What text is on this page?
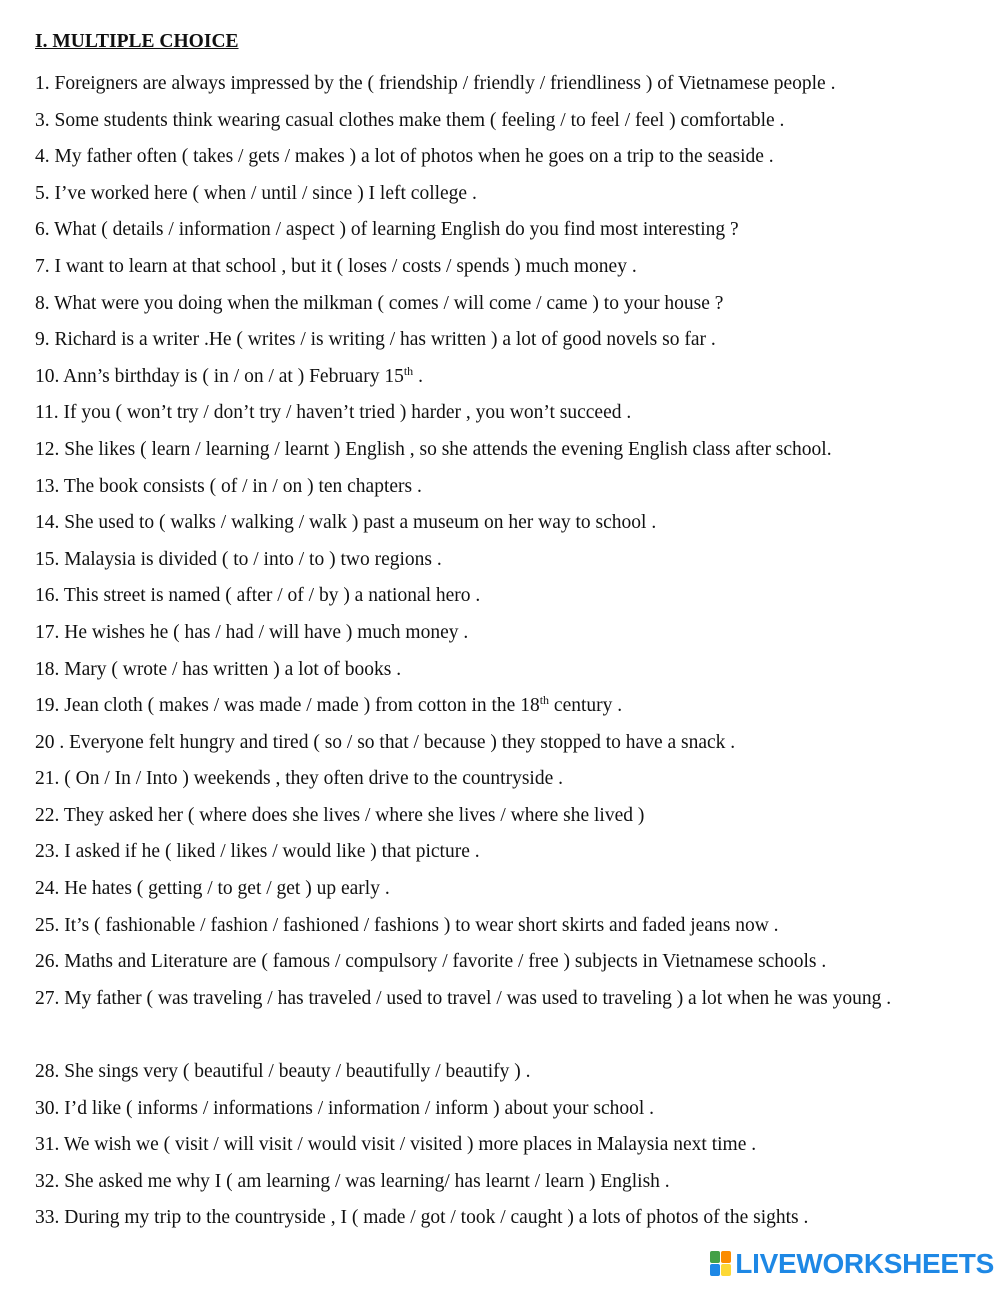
I. MULTIPLE CHOICE
1. Foreigners are always impressed by the ( friendship / friendly / friendliness ) of Vietnamese people .
3. Some students think wearing casual clothes make them ( feeling / to feel / feel ) comfortable .
4. My father often ( takes / gets / makes ) a lot of photos when he goes on a trip to the seaside .
5. I’ve worked here ( when / until / since ) I left college .
6. What ( details / information / aspect ) of learning English do you find most interesting ?
7. I want to learn at that school , but it ( loses / costs / spends ) much money .
8. What were you doing when the milkman ( comes / will come / came ) to your house ?
9. Richard is a writer .He ( writes / is writing / has written ) a lot of good novels so far .
10. Ann’s birthday is ( in / on / at ) February 15th .
11. If you ( won’t try / don’t try / haven’t tried ) harder , you won’t succeed .
12. She likes ( learn / learning / learnt ) English , so she attends the evening English class after school.
13. The book consists ( of / in / on ) ten chapters .
14. She used to ( walks / walking / walk ) past a museum on her way to school .
15. Malaysia is divided ( to / into / to ) two regions .
16. This street is named ( after / of / by ) a national hero .
17. He wishes he ( has / had / will have ) much money .
18. Mary ( wrote / has written ) a lot of books .
19. Jean cloth ( makes / was made / made ) from cotton in the 18th century .
20 . Everyone felt hungry and tired ( so / so that / because ) they stopped to have a snack .
21. ( On / In / Into ) weekends , they often drive to the countryside .
22. They asked her ( where does she lives / where she lives / where she lived )
23. I asked if he ( liked / likes / would like ) that picture .
24. He hates ( getting / to get / get ) up early .
25. It’s ( fashionable / fashion / fashioned / fashions ) to wear short skirts and faded jeans now .
26. Maths and Literature are ( famous / compulsory / favorite / free ) subjects in Vietnamese schools .
27. My father ( was traveling / has traveled / used to travel / was used to traveling ) a lot when he was young .
28. She sings very ( beautiful / beauty / beautifully / beautify ) .
30. I’d like ( informs / informations / information / inform ) about your school .
31. We wish we ( visit / will visit / would visit / visited ) more places in Malaysia next time .
32. She asked me why I ( am learning / was learning/ has learnt / learn ) English .
33. During my trip to the countryside , I ( made / got / took / caught ) a lots of photos of the sights .
LIVEWORKSHEETS
